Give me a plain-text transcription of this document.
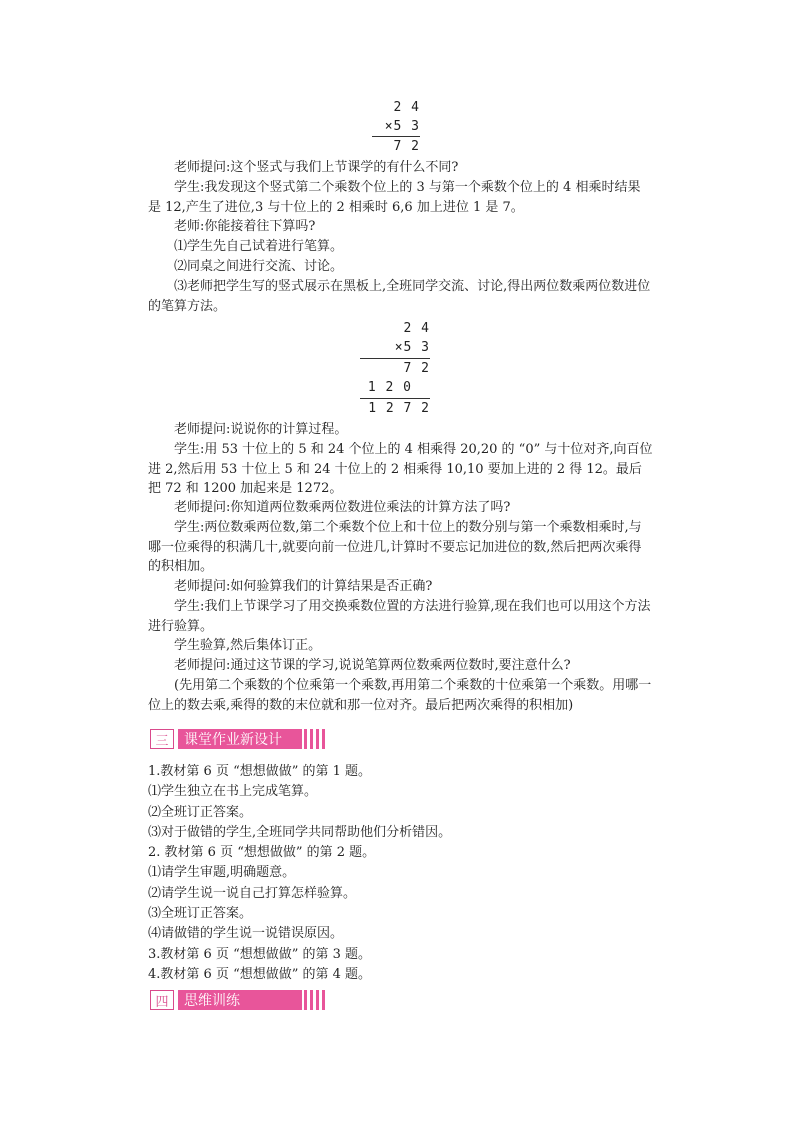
2 4
×5 3
7 2
老师提问:这个竖式与我们上节课学的有什么不同?
学生:我发现这个竖式第二个乘数个位上的 3 与第一个乘数个位上的 4 相乘时结果是 12,产生了进位,3 与十位上的 2 相乘时 6,6 加上进位 1 是 7。
老师:你能接着往下算吗?
⑴学生先自己试着进行笔算。
⑵同桌之间进行交流、讨论。
⑶老师把学生写的竖式展示在黑板上,全班同学交流、讨论,得出两位数乘两位数进位的笔算方法。
2 4
×5 3
7 2
1 2 0
1 2 7 2
老师提问:说说你的计算过程。
学生:用 53 十位上的 5 和 24 个位上的 4 相乘得 20,20 的 “0” 与十位对齐,向百位进 2,然后用 53 十位上 5 和 24 十位上的 2 相乘得 10,10 要加上进的 2 得 12。最后把 72 和 1200 加起来是 1272。
老师提问:你知道两位数乘两位数进位乘法的计算方法了吗?
学生:两位数乘两位数,第二个乘数个位上和十位上的数分别与第一个乘数相乘时,与哪一位乘得的积满几十,就要向前一位进几,计算时不要忘记加进位的数,然后把两次乘得的积相加。
老师提问:如何验算我们的计算结果是否正确?
学生:我们上节课学习了用交换乘数位置的方法进行验算,现在我们也可以用这个方法进行验算。
学生验算,然后集体订正。
老师提问:通过这节课的学习,说说笔算两位数乘两位数时,要注意什么?
(先用第二个乘数的个位乘第一个乘数,再用第二个乘数的十位乘第一个乘数。用哪一位上的数去乘,乘得的数的末位就和那一位对齐。最后把两次乘得的积相加)
三	课堂作业新设计
1.教材第 6 页 “想想做做” 的第 1 题。
⑴学生独立在书上完成笔算。
⑵全班订正答案。
⑶对于做错的学生,全班同学共同帮助他们分析错因。
2. 教材第 6 页 “想想做做” 的第 2 题。
⑴请学生审题,明确题意。
⑵请学生说一说自己打算怎样验算。
⑶全班订正答案。
⑷请做错的学生说一说错误原因。
3.教材第 6 页 “想想做做” 的第 3 题。
4.教材第 6 页 “想想做做” 的第 4 题。
四	思维训练
